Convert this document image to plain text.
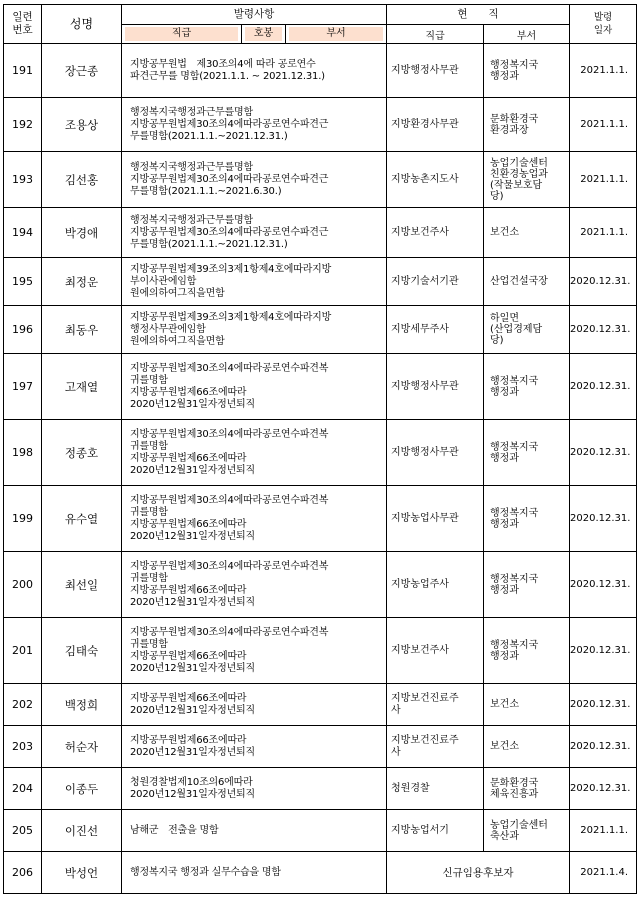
일련
번호	성명	발령사항			현　　직		발령
일자

		직급	호봉	부서	직급	부서	
191	장근종	지방공무원법　제30조의4에 따라 공로연수
파견근무를 명함(2021.1.1. ~ 2021.12.31.)			지방행정사무관	행정복지국
행정과	2021.1.1.
192	조용상	행정복지국행정과근무를명함
지방공무원법제30조의4에따라공로연수파견근
무를명함(2021.1.1.~2021.12.31.)			지방환경사무관	문화환경국
환경과장	2021.1.1.
193	김선홍	행정복지국행정과근무를명함
지방공무원법제30조의4에따라공로연수파견근
무를명함(2021.1.1.~2021.6.30.)			지방농촌지도사	농업기술센터
친환경농업과
(작물보호담
당)	2021.1.1.
194	박경애	행정복지국행정과근무를명함
지방공무원법제30조의4에따라공로연수파견근
무를명함(2021.1.1.~2021.12.31.)			지방보건주사	보건소	2021.1.1.
195	최정운	지방공무원법제39조의3제1항제4호에따라지방
부이사관에임함
원에의하여그직을면함			지방기술서기관	산업건설국장	2020.12.31.
196	최동우	지방공무원법제39조의3제1항제4호에따라지방
행정사무관에임함
원에의하여그직을면함			지방세무주사	하일면
(산업경제담
당)	2020.12.31.
197	고재열	지방공무원법제30조의4에따라공로연수파견복
귀를명함
지방공무원법제66조에따라
2020년12월31일자정년퇴직			지방행정사무관	행정복지국
행정과	2020.12.31.
198	정종호	지방공무원법제30조의4에따라공로연수파견복
귀를명함
지방공무원법제66조에따라
2020년12월31일자정년퇴직			지방행정사무관	행정복지국
행정과	2020.12.31.
199	유수열	지방공무원법제30조의4에따라공로연수파견복
귀를명함
지방공무원법제66조에따라
2020년12월31일자정년퇴직			지방농업사무관	행정복지국
행정과	2020.12.31.
200	최선일	지방공무원법제30조의4에따라공로연수파견복
귀를명함
지방공무원법제66조에따라
2020년12월31일자정년퇴직			지방농업주사	행정복지국
행정과	2020.12.31.
201	김태숙	지방공무원법제30조의4에따라공로연수파견복
귀를명함
지방공무원법제66조에따라
2020년12월31일자정년퇴직			지방보건주사	행정복지국
행정과	2020.12.31.
202	백정희	지방공무원법제66조에따라
2020년12월31일자정년퇴직			지방보건진료주
사	보건소	2020.12.31.
203	허순자	지방공무원법제66조에따라
2020년12월31일자정년퇴직			지방보건진료주
사	보건소	2020.12.31.
204	이종두	청원경찰법제10조의6에따라
2020년12월31일자정년퇴직			청원경찰	문화환경국
체육진흥과	2020.12.31.
205	이진선	남해군　전출을 명함			지방농업서기	농업기술센터
축산과	2021.1.1.
206	박성언	행정복지국 행정과 실무수습을 명함			신규임용후보자		2021.1.4.
